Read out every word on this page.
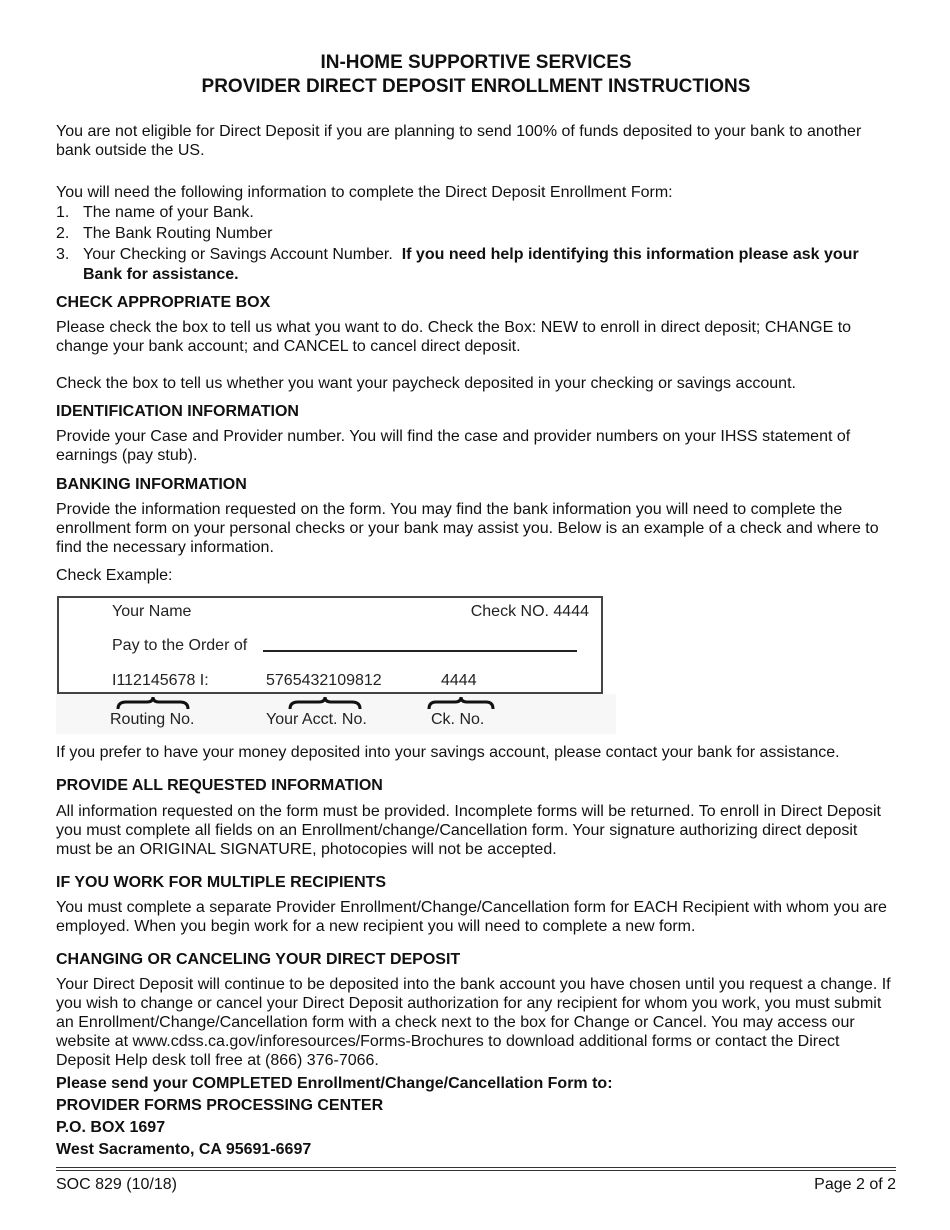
IN-HOME SUPPORTIVE SERVICES
PROVIDER DIRECT DEPOSIT ENROLLMENT INSTRUCTIONS

You are not eligible for Direct Deposit if you are planning to send 100% of funds deposited to your bank to another bank outside the US.

You will need the following information to complete the Direct Deposit Enrollment Form:

1. The name of your Bank.
2. The Bank Routing Number
3. Your Checking or Savings Account Number. If you need help identifying this information please ask your Bank for assistance.
CHECK APPROPRIATE BOX

Please check the box to tell us what you want to do. Check the Box: NEW to enroll in direct deposit; CHANGE to change your bank account; and CANCEL to cancel direct deposit.

Check the box to tell us whether you want your paycheck deposited in your checking or savings account.

IDENTIFICATION INFORMATION

Provide your Case and Provider number. You will find the case and provider numbers on your IHSS statement of earnings (pay stub).

BANKING INFORMATION

Provide the information requested on the form. You may find the bank information you will need to complete the enrollment form on your personal checks or your bank may assist you. Below is an example of a check and where to find the necessary information.

Check Example:

Your Name	Check NO. 4444
Pay to the Order of
I112145678 I:	5765432109812	4444
Routing No.	Your Acct. No.	Ck. No.

If you prefer to have your money deposited into your savings account, please contact your bank for assistance.

PROVIDE ALL REQUESTED INFORMATION

All information requested on the form must be provided. Incomplete forms will be returned. To enroll in Direct Deposit you must complete all fields on an Enrollment/change/Cancellation form. Your signature authorizing direct deposit must be an ORIGINAL SIGNATURE, photocopies will not be accepted.

IF YOU WORK FOR MULTIPLE RECIPIENTS

You must complete a separate Provider Enrollment/Change/Cancellation form for EACH Recipient with whom you are employed. When you begin work for a new recipient you will need to complete a new form.

CHANGING OR CANCELING YOUR DIRECT DEPOSIT

Your Direct Deposit will continue to be deposited into the bank account you have chosen until you request a change. If you wish to change or cancel your Direct Deposit authorization for any recipient for whom you work, you must submit an Enrollment/Change/Cancellation form with a check next to the box for Change or Cancel. You may access our website at www.cdss.ca.gov/inforesources/Forms-Brochures to download additional forms or contact the Direct Deposit Help desk toll free at (866) 376-7066.

Please send your COMPLETED Enrollment/Change/Cancellation Form to:
PROVIDER FORMS PROCESSING CENTER
P.O. BOX 1697
West Sacramento, CA 95691-6697
SOC 829 (10/18)	Page 2 of 2
